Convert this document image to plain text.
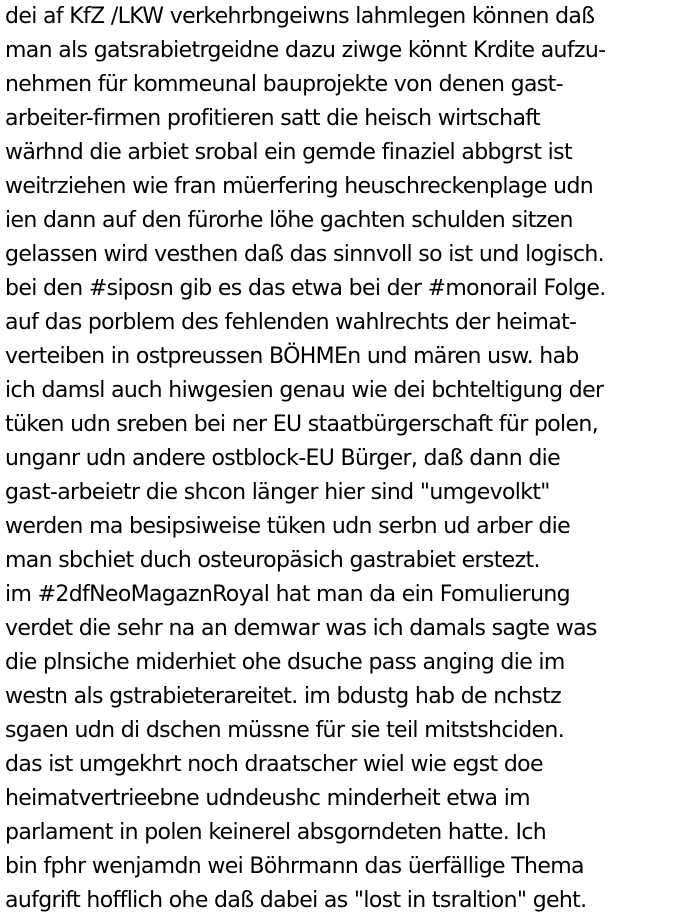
dei af KfZ /LKW verkehrbngeiwns lahmlegen können daß
man als gatsrabietrgeidne dazu ziwge könnt Krdite aufzu-
nehmen für kommeunal bauprojekte von denen gast-
arbeiter-firmen profitieren satt die heisch wirtschaft
wärhnd die arbiet srobal ein gemde finaziel abbgrst ist
weitrziehen wie fran müerfering heuschreckenplage udn
ien dann auf den fürorhe löhe gachten schulden sitzen
gelassen wird vesthen daß das sinnvoll so ist und logisch.
bei den #siposn gib es das etwa bei der #monorail Folge.
auf das porblem des fehlenden wahlrechts der heimat-
verteiben in ostpreussen BÖHMEn und mären usw. hab
ich damsl auch hiwgesien genau wie dei bchteltigung der
tüken udn sreben bei ner EU staatbürgerschaft für polen,
unganr udn andere ostblock-EU Bürger, daß dann die
gast-arbeietr die shcon länger hier sind "umgevolkt"
werden ma besipsiweise tüken udn serbn ud arber die
man sbchiet duch osteuropäsich gastrabiet erstezt.
im #2dfNeoMagaznRoyal hat man da ein Fomulierung
verdet die sehr na an demwar was ich damals sagte was
die plnsiche miderhiet ohe dsuche pass anging die im
westn als gstrabieterareitet. im bdustg hab de nchstz
sgaen udn di dschen müssne für sie teil mitstshciden.
das ist umgekhrt noch draatscher wiel wie egst doe
heimatvertrieebne udndeushc minderheit etwa im
parlament in polen keinerel absgorndeten hatte. Ich
bin fphr wenjamdn wei Böhrmann das üerfällige Thema
aufgrift hofflich ohe daß dabei as "lost in tsraltion" geht.
